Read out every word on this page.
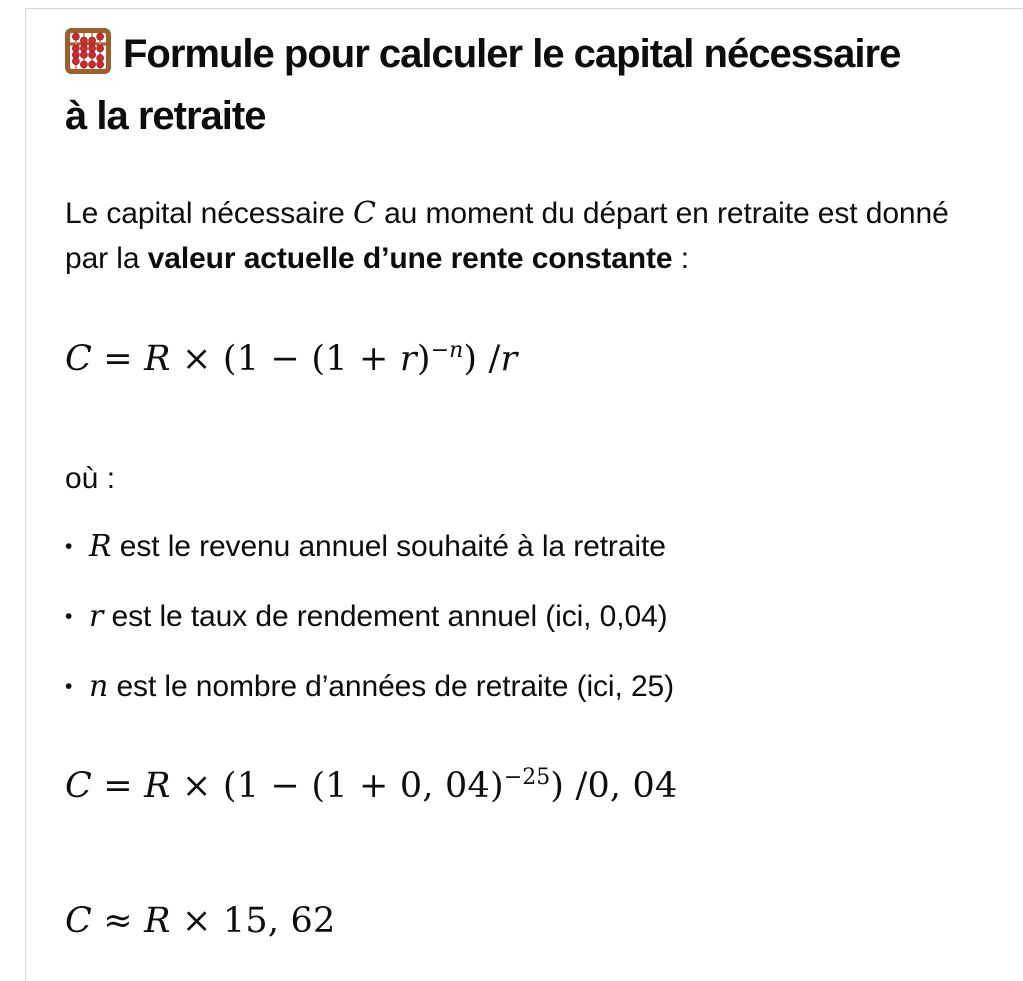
Formule pour calculer le capital nécessaire
à la retraite

Le capital nécessaire C au moment du départ en retraite est donné par la valeur actuelle d’une rente constante :

$C = R \times (1 - (1 + r)^{-n})$ /r
où :
• R est le revenu annuel souhaité à la retraite
• r est le taux de rendement annuel (ici, 0,04)
• n est le nombre d’années de retraite (ici, 25)
C = R × (1 − (1 + 0, 04)$^{-25}$) /0, 04
C ≈ R × 15, 62
